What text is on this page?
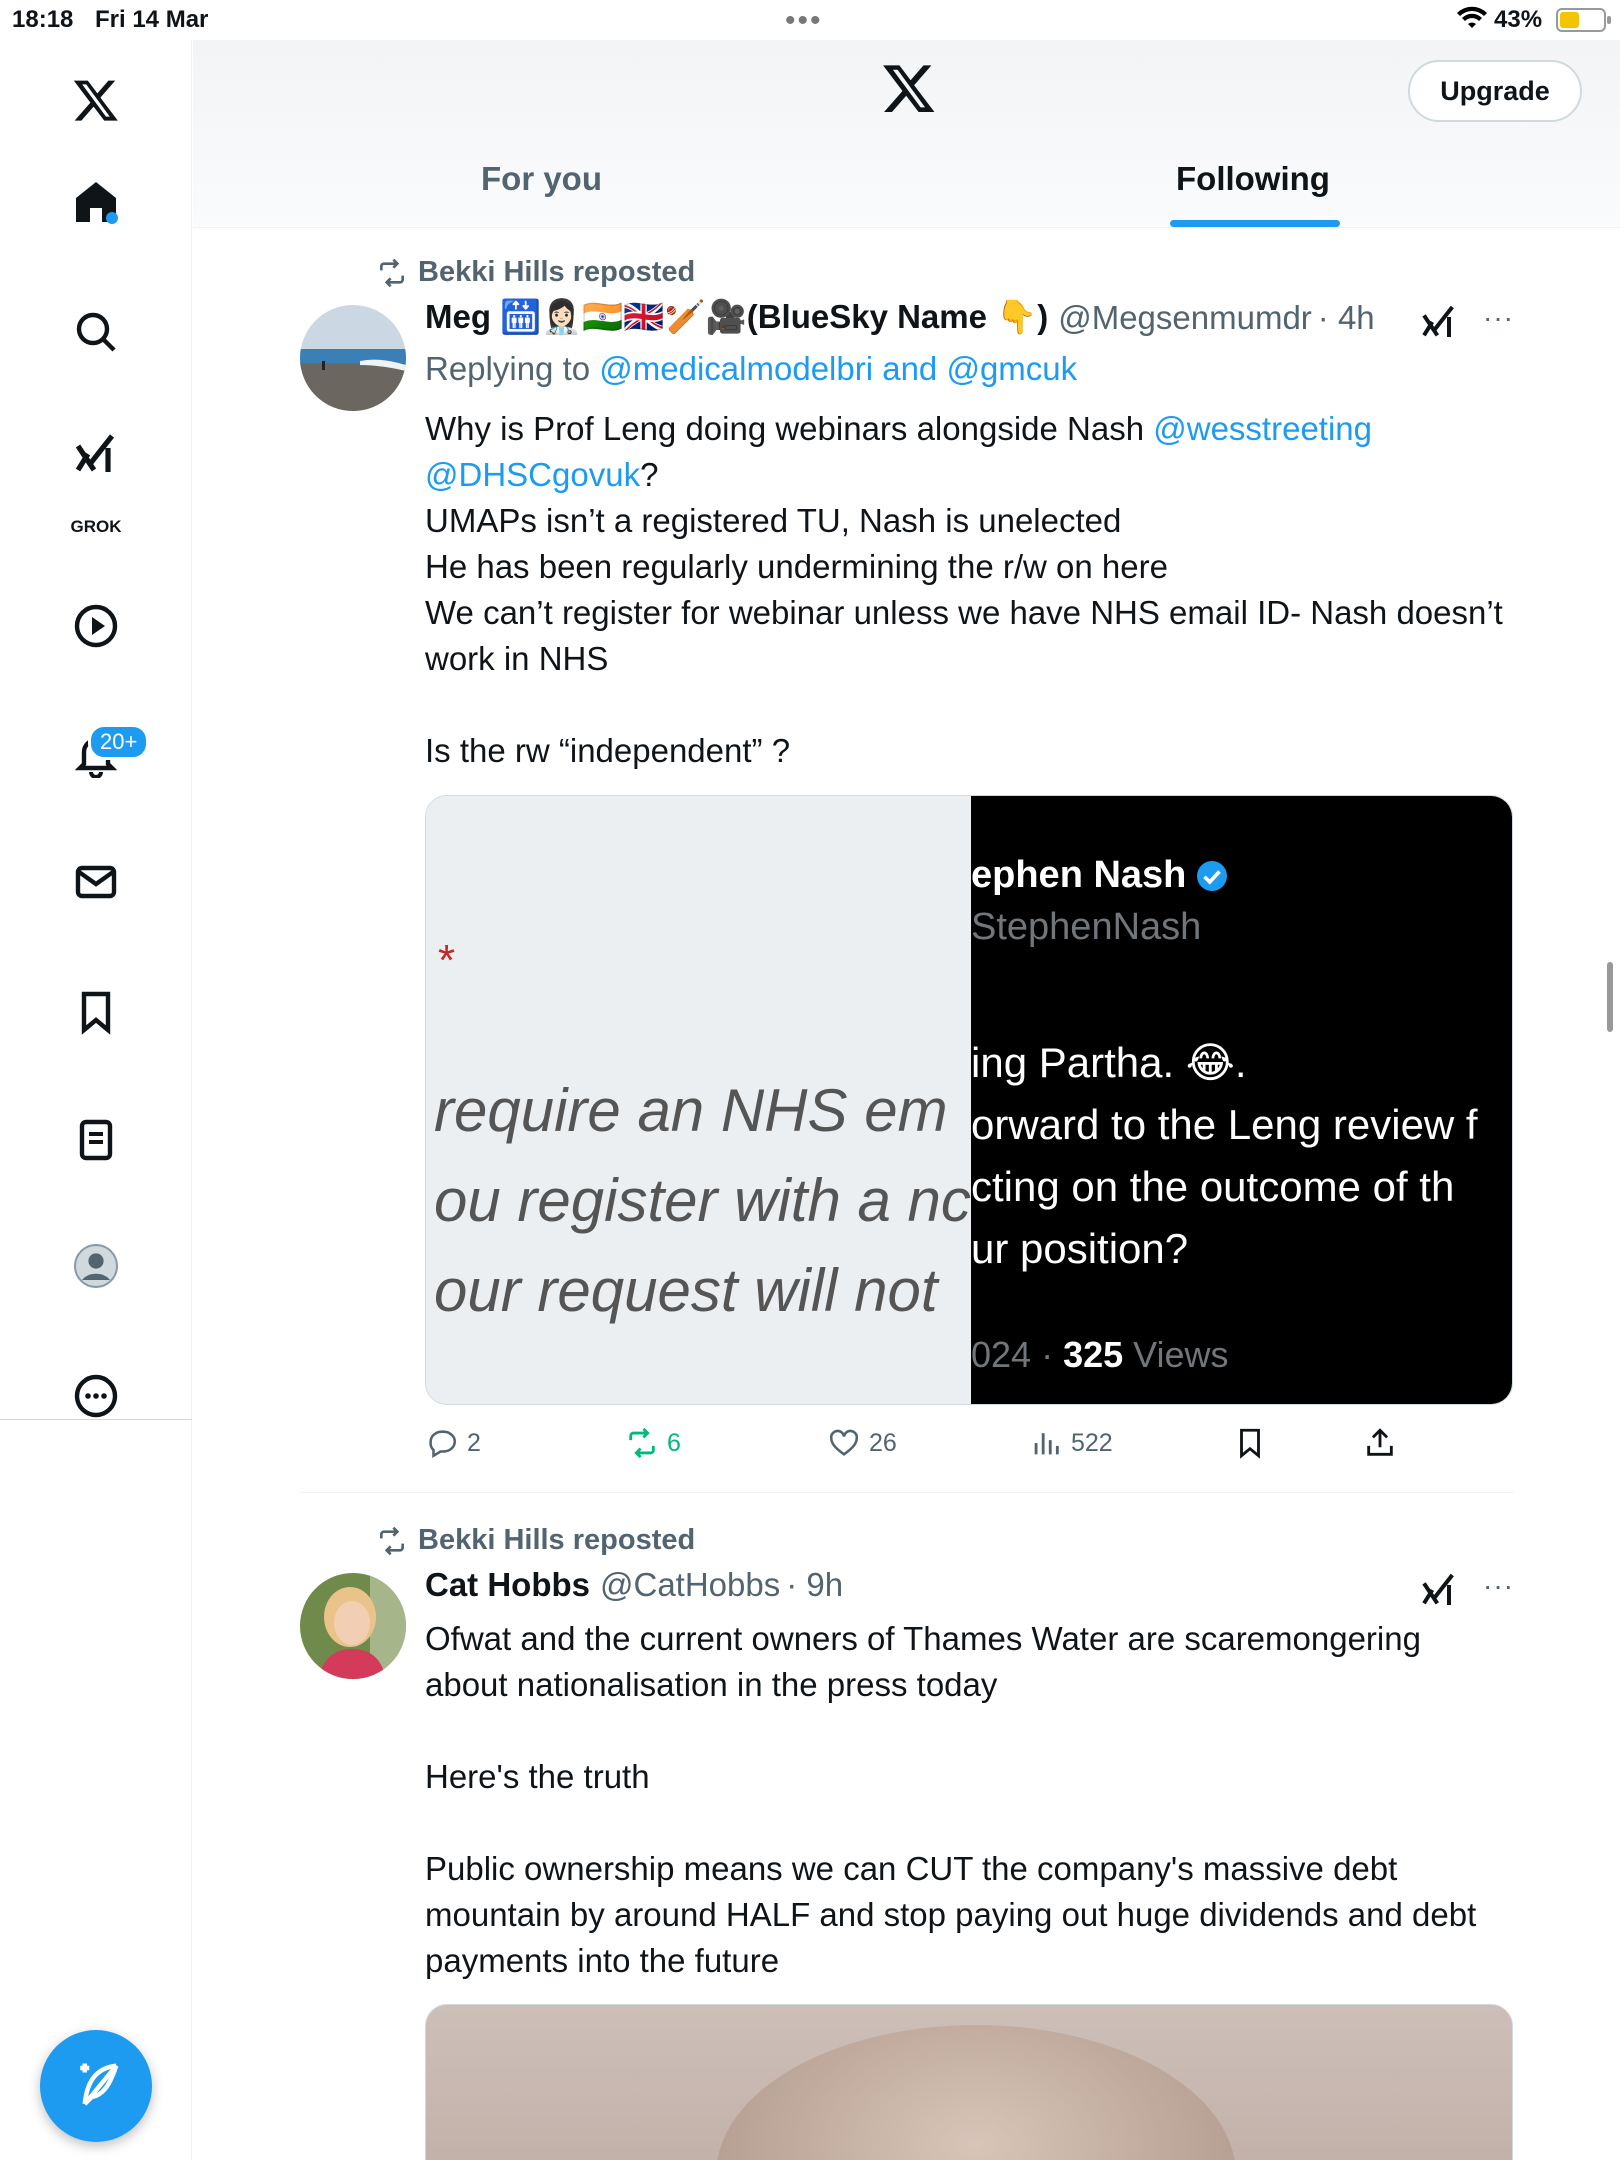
18:18 Fri 14 Mar	•••	43%
GROK
20+
Upgrade
For you	Following
Bekki Hills reposted
Meg 🛗👩🏻‍⚕️🇮🇳🇬🇧🏏🎥(BlueSky Name 👇) @Megsenmumdr · 4h	···
Replying to @medicalmodelbri and @gmcuk
Why is Prof Leng doing webinars alongside Nash @wesstreeting
@DHSCgovuk?
UMAPs isn’t a registered TU, Nash is unelected
He has been regularly undermining the r/w on here
We can’t register for webinar unless we have NHS email ID- Nash doesn’t work in NHS

Is the rw “independent” ?
*
require an NHS em
ou register with a nc
our request will not
ephen Nash
StephenNash
ing Partha. 😂.
orward to the Leng review f
cting on the outcome of th
ur position?
024 · 325 Views
2	6	26	522
Bekki Hills reposted
Cat Hobbs @CatHobbs · 9h	···
Ofwat and the current owners of Thames Water are scaremongering about nationalisation in the press today

Here's the truth

Public ownership means we can CUT the company's massive debt mountain by around HALF and stop paying out huge dividends and debt payments into the future
